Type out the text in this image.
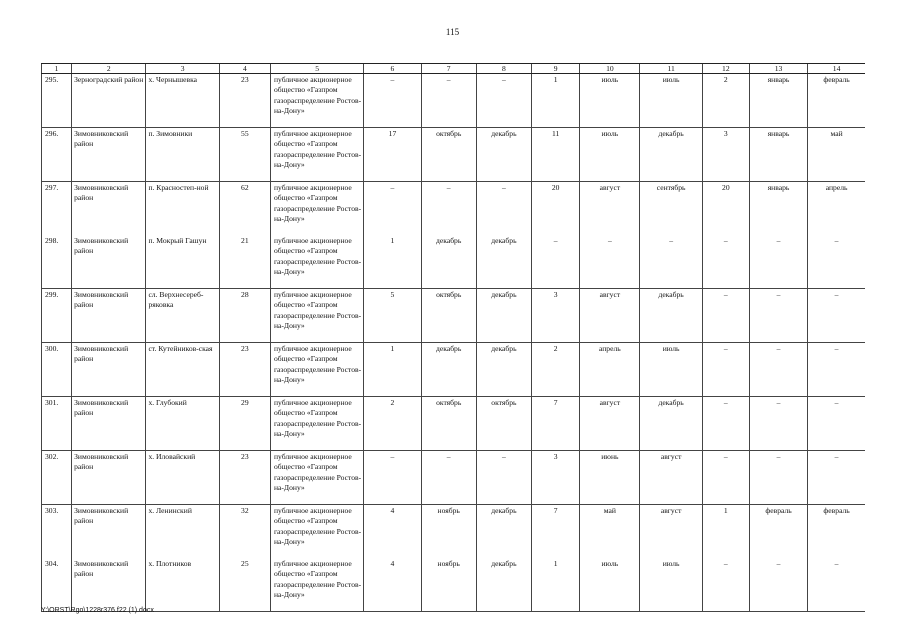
115
1	2	3	4	5	6	7	8	9	10	11	12	13	14
295.	Зерноградский район	х. Чернышевка	23	публичное акционерное общество «Газпром газораспределение Ростов-на-Дону»	–	–	–	1	июль	июль	2	январь	февраль
296.	Зимовниковский район	п. Зимовники	55	публичное акционерное общество «Газпром газораспределение Ростов-на-Дону»	17	октябрь	декабрь	11	июль	декабрь	3	январь	май
297.	Зимовниковский район	п. Красностеп-ной	62	публичное акционерное общество «Газпром газораспределение Ростов-на-Дону»	–	–	–	20	август	сентябрь	20	январь	апрель
298.	Зимовниковский район	п. Мокрый Гашун	21	публичное акционерное общество «Газпром газораспределение Ростов-на-Дону»	1	декабрь	декабрь	–	–	–	–	–	–
299.	Зимовниковский район	сл. Верхнесереб-ряковка	28	публичное акционерное общество «Газпром газораспределение Ростов-на-Дону»	5	октябрь	декабрь	3	август	декабрь	–	–	–
300.	Зимовниковский район	ст. Кутейников-ская	23	публичное акционерное общество «Газпром газораспределение Ростов-на-Дону»	1	декабрь	декабрь	2	апрель	июль	–	–	–
301.	Зимовниковский район	х. Глубокий	29	публичное акционерное общество «Газпром газораспределение Ростов-на-Дону»	2	октябрь	октябрь	7	август	декабрь	–	–	–
302.	Зимовниковский район	х. Иловайский	23	публичное акционерное общество «Газпром газораспределение Ростов-на-Дону»	–	–	–	3	июнь	август	–	–	–
303.	Зимовниковский район	х. Ленинский	32	публичное акционерное общество «Газпром газораспределение Ростов-на-Дону»	4	ноябрь	декабрь	7	май	август	1	февраль	февраль
304.	Зимовниковский район	х. Плотников	25	публичное акционерное общество «Газпром газораспределение Ростов-на-Дону»	4	ноябрь	декабрь	1	июль	июль	–	–	–
Y:\ORST\Rgo\1228r376.f22 (1).docx
